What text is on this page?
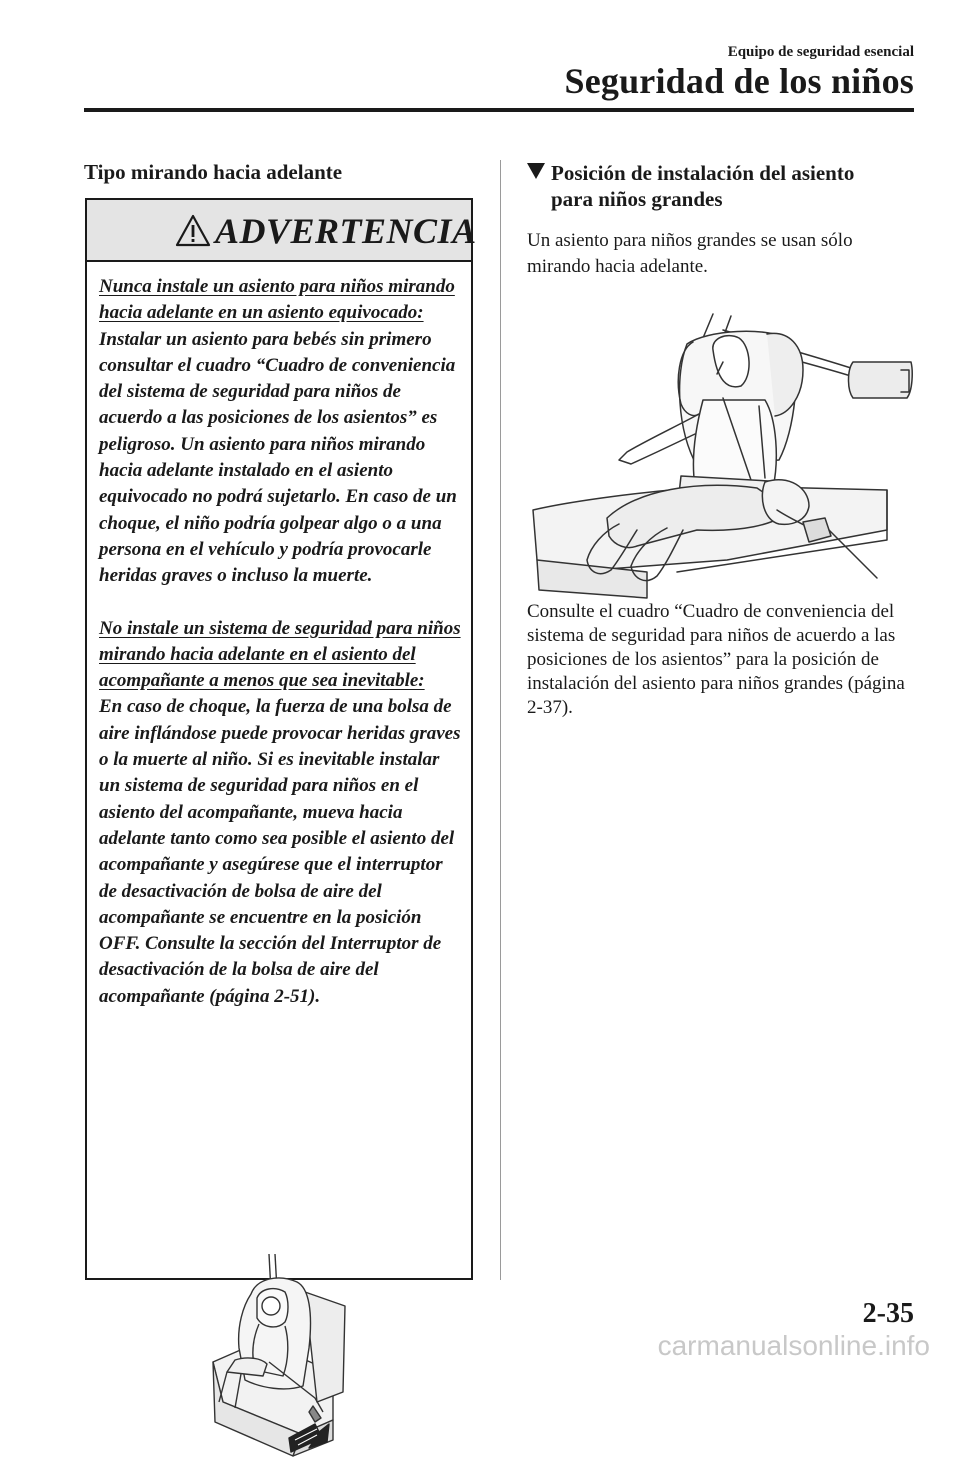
Equipo de seguridad esencial
Seguridad de los niños
Tipo mirando hacia adelante
ADVERTENCIA

Nunca instale un asiento para niños mirando hacia adelante en un asiento equivocado:

Instalar un asiento para bebés sin primero consultar el cuadro “Cuadro de conveniencia del sistema de seguridad para niños de acuerdo a las posiciones de los asientos” es peligroso. Un asiento para niños mirando hacia adelante instalado en el asiento equivocado no podrá sujetarlo. En caso de un choque, el niño podría golpear algo o a una persona en el vehículo y podría provocarle heridas graves o incluso la muerte.

No instale un sistema de seguridad para niños mirando hacia adelante en el asiento del acompañante a menos que sea inevitable:

En caso de choque, la fuerza de una bolsa de aire inflándose puede provocar heridas graves o la muerte al niño. Si es inevitable instalar un sistema de seguridad para niños en el asiento del acompañante, mueva hacia adelante tanto como sea posible el asiento del acompañante y asegúrese que el interruptor de desactivación de bolsa de aire del acompañante se encuentre en la posición OFF. Consulte la sección del Interruptor de desactivación de la bolsa de aire del acompañante (página 2-51).

Posición de instalación del asiento
para niños grandes

Un asiento para niños grandes se usan sólo mirando hacia adelante.

Consulte el cuadro “Cuadro de conveniencia del sistema de seguridad para niños de acuerdo a las posiciones de los asientos” para la posición de instalación del asiento para niños grandes (página 2-37).

2-35
carmanualsonline.info
